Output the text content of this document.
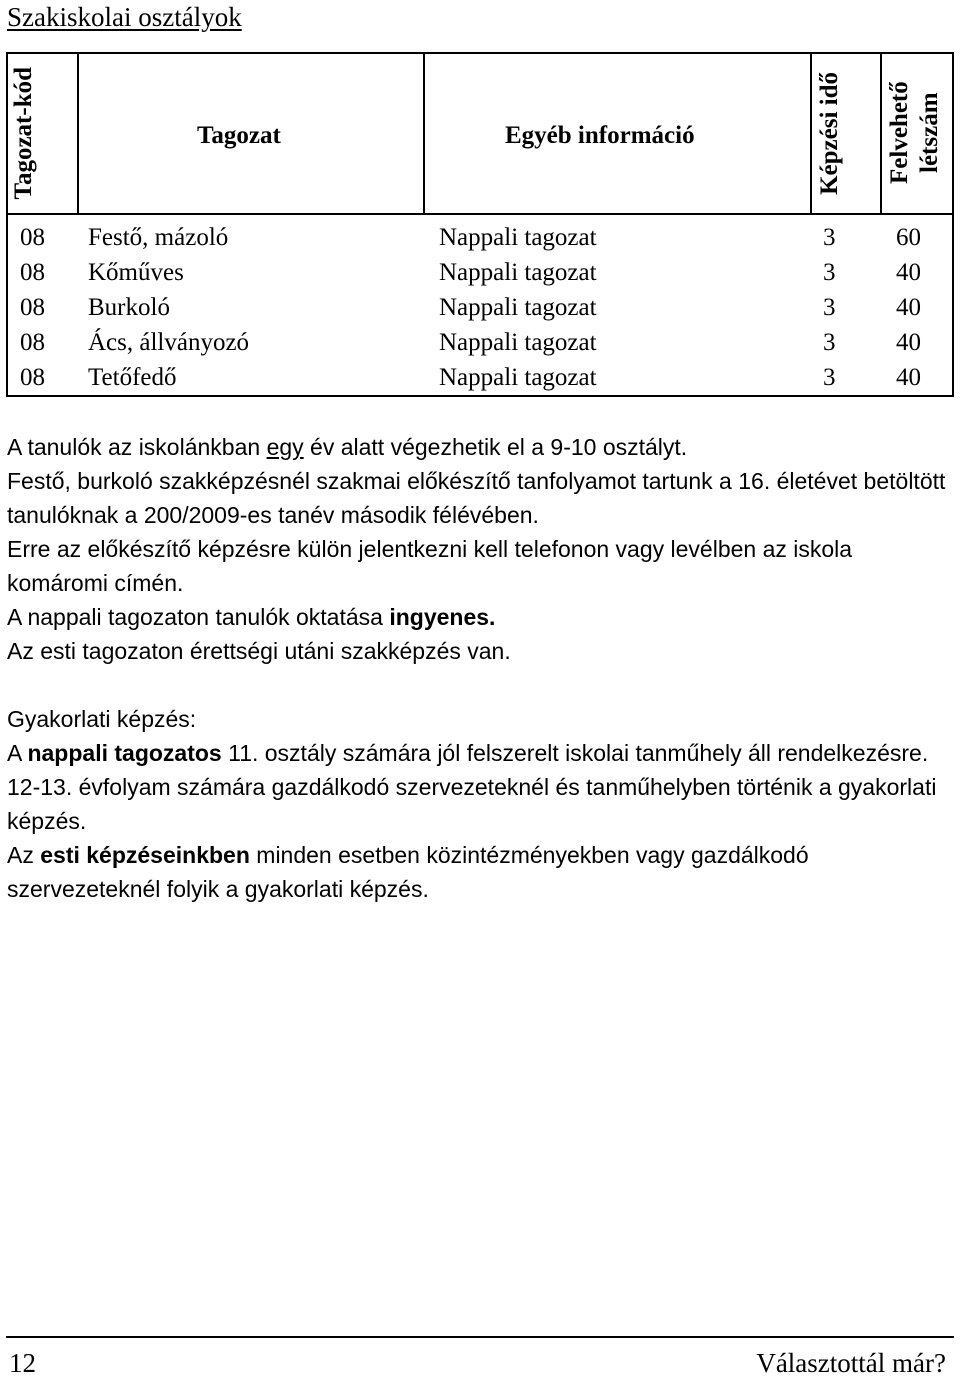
Szakiskolai osztályok
Tagozat-kód	Tagozat	Egyéb információ	Képzési idő	Felvehető létszám
08 Festő, mázoló	Nappali tagozat	3 60
08 Kőműves	Nappali tagozat	3 40
08 Burkoló	Nappali tagozat	3 40
08 Ács, állványozó	Nappali tagozat	3 40
08 Tetőfedő	Nappali tagozat	3 40

A tanulók az iskolánkban egy év alatt végezhetik el a 9-10 osztályt.

Festő, burkoló szakképzésnél szakmai előkészítő tanfolyamot tartunk a 16. életévet betöltött tanulóknak a 200/2009-es tanév második félévében.

Erre az előkészítő képzésre külön jelentkezni kell telefonon vagy levélben az iskola komáromi címén.

A nappali tagozaton tanulók oktatása ingyenes.

Az esti tagozaton érettségi utáni szakképzés van.

Gyakorlati képzés:

A nappali tagozatos 11. osztály számára jól felszerelt iskolai tanműhely áll rendelkezésre.

12-13. évfolyam számára gazdálkodó szervezeteknél és tanműhelyben történik a gyakorlati képzés.

Az esti képzéseinkben minden esetben közintézményekben vagy gazdálkodó szervezeteknél folyik a gyakorlati képzés.

12	Választottál már?
